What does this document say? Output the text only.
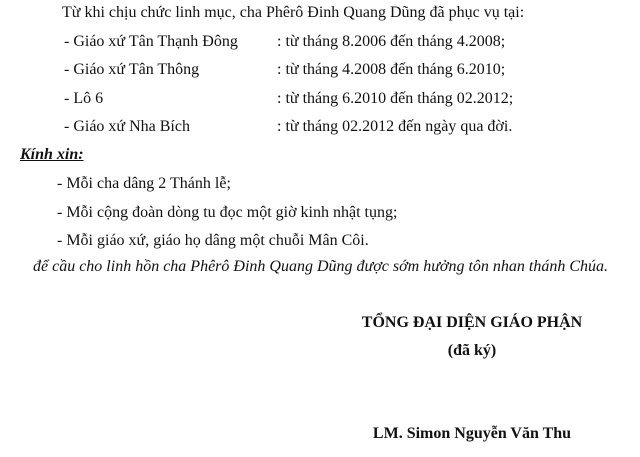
Từ khi chịu chức linh mục, cha Phêrô Đinh Quang Dũng đã phục vụ tại:
- Giáo xứ Tân Thạnh Đông : từ tháng 8.2006 đến tháng 4.2008;
- Giáo xứ Tân Thông	: từ tháng 4.2008 đến tháng 6.2010;
- Lô 6	: từ tháng 6.2010 đến tháng 02.2012;
- Giáo xứ Nha Bích	: từ tháng 02.2012 đến ngày qua đời.
Kính xin:
- Mỗi cha dâng 2 Thánh lễ;
- Mỗi cộng đoàn dòng tu đọc một giờ kinh nhật tụng;
- Mỗi giáo xứ, giáo họ dâng một chuỗi Mân Côi.
để cầu cho linh hồn cha Phêrô Đinh Quang Dũng được sớm hưởng tôn nhan thánh Chúa.
TỔNG ĐẠI DIỆN GIÁO PHẬN
(đã ký)
LM. Simon Nguyễn Văn Thu
